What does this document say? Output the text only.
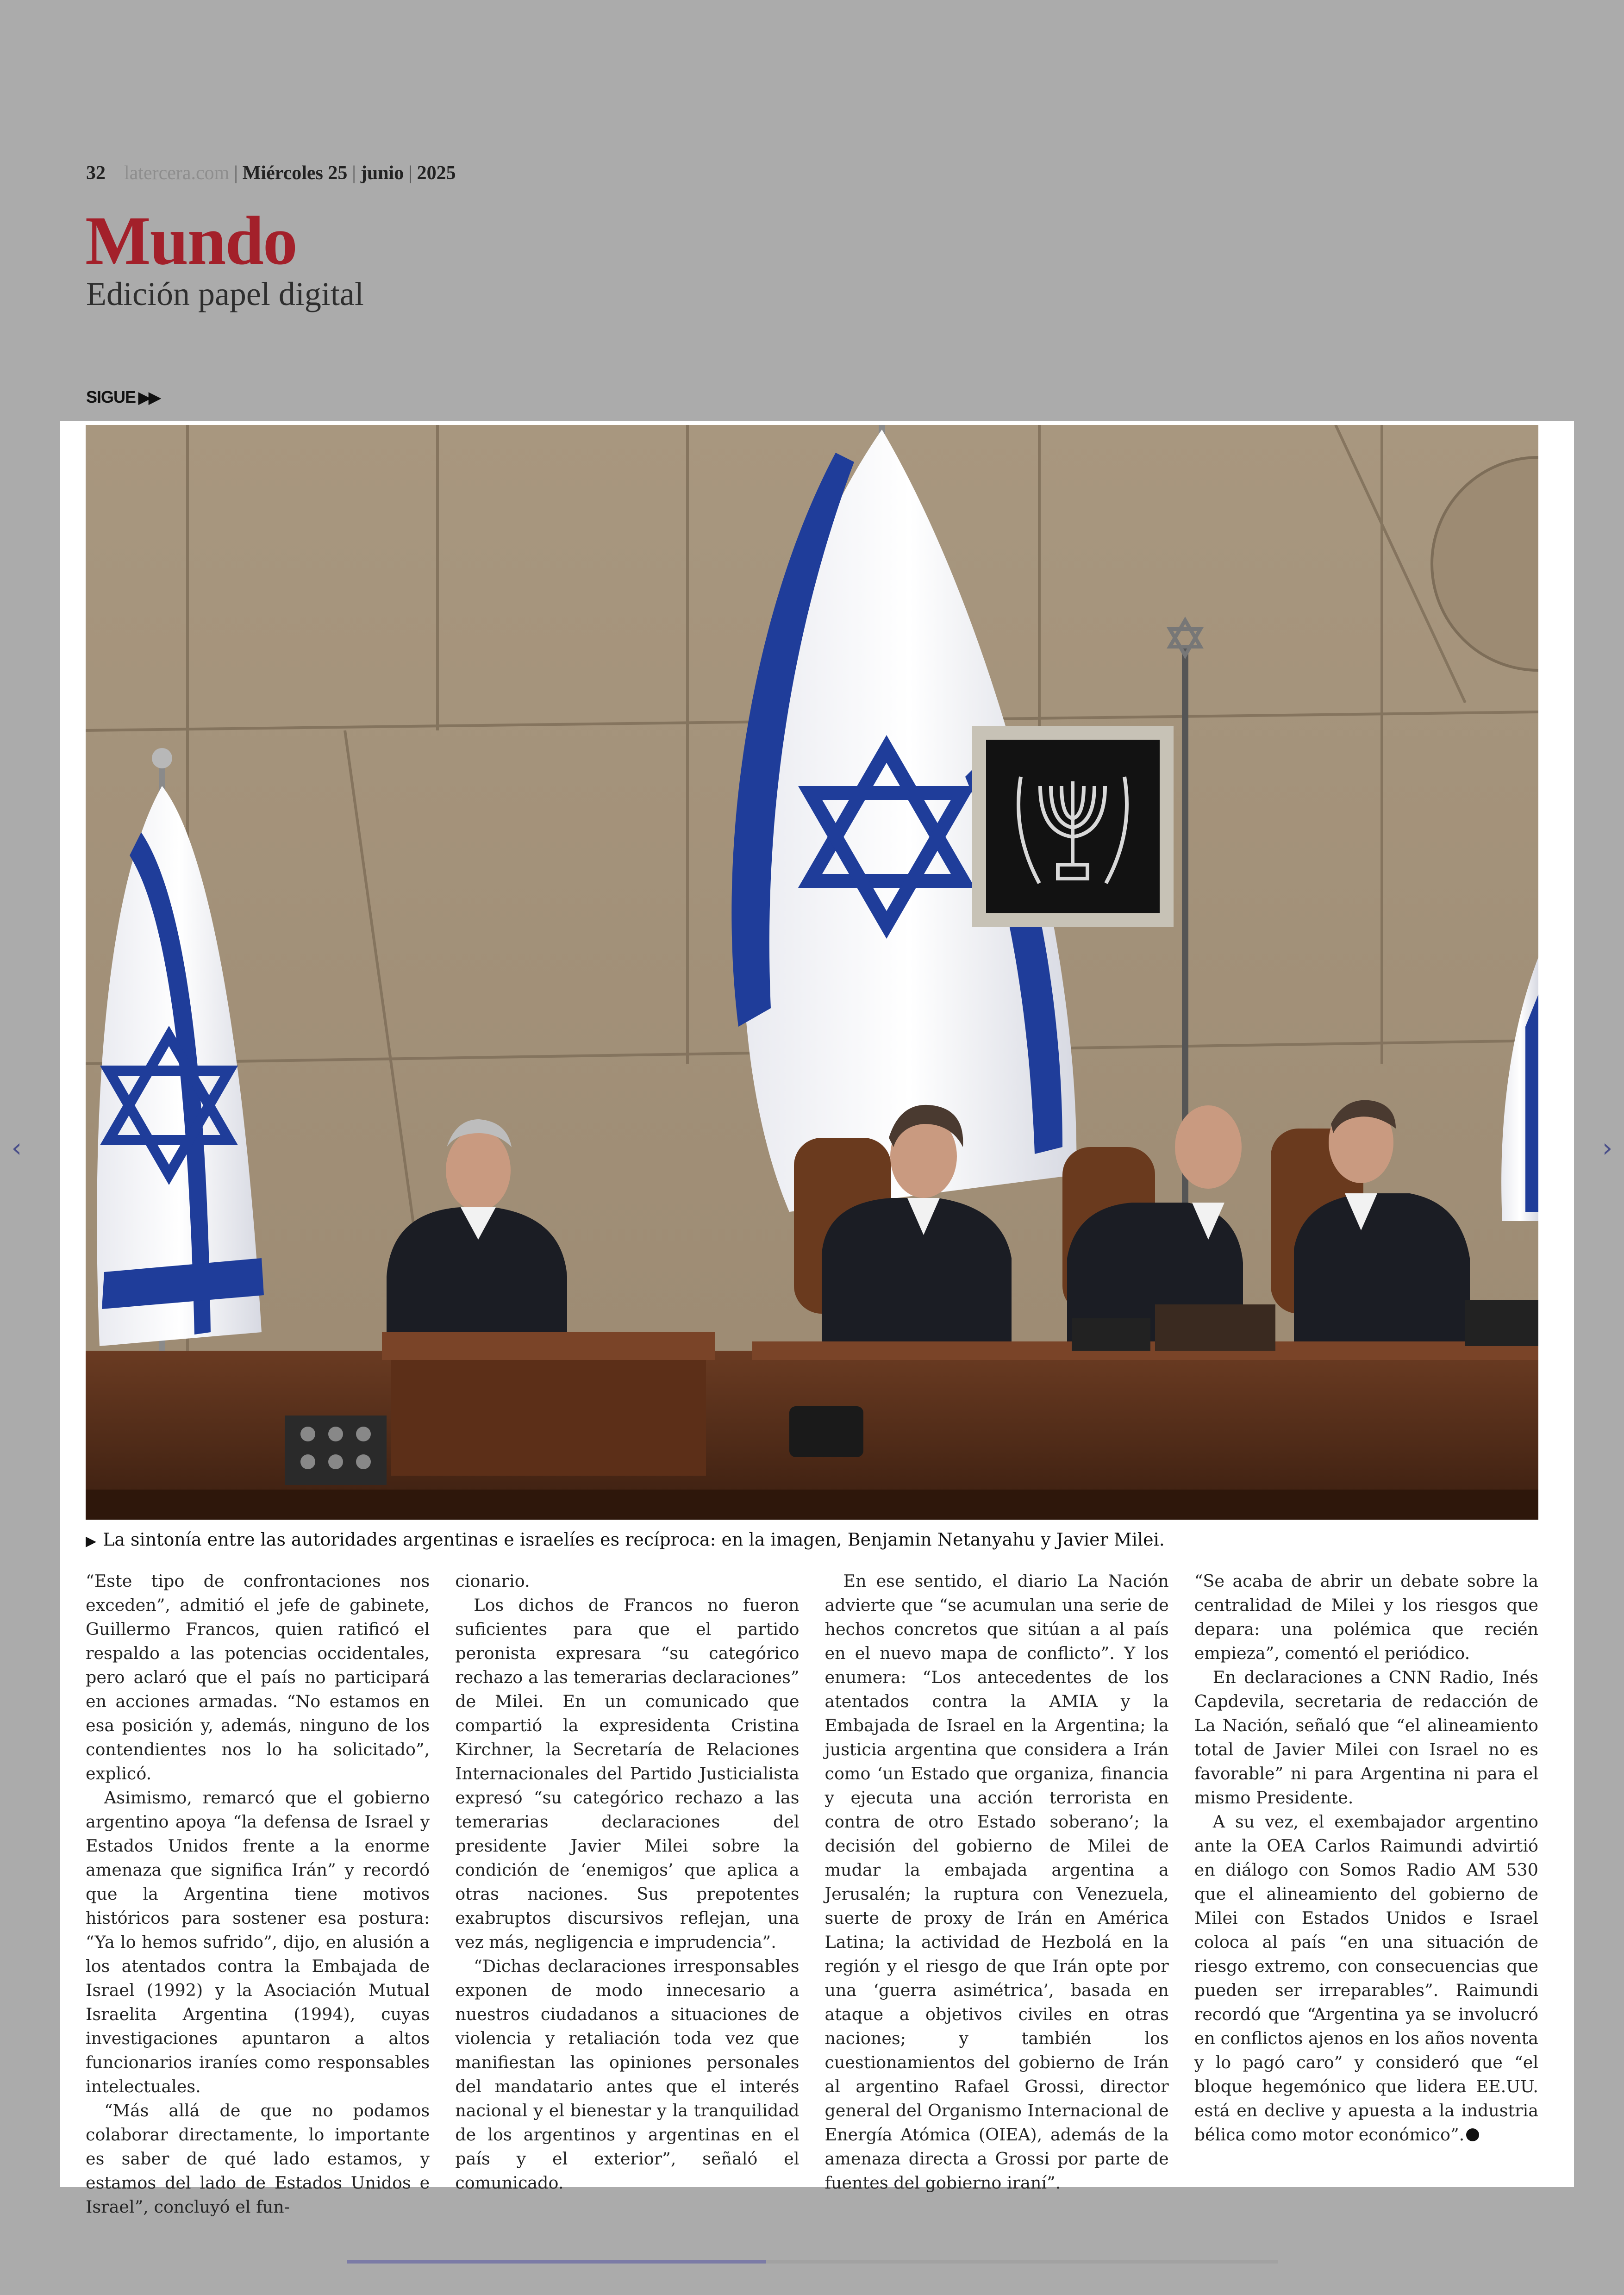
32 latercera.com | Miércoles 25 | junio | 2025
Mundo
Edición papel digital
SIGUE ▶▶
▶ La sintonía entre las autoridades argentinas e israelíes es recíproca: en la imagen, Benjamin Netanyahu y Javier Milei.

“Este tipo de confrontaciones nos exceden”, admitió el jefe de gabinete, Guillermo Francos, quien ratificó el respaldo a las potencias occidentales, pero aclaró que el país no participará en acciones armadas. “No estamos en esa posición y, además, ninguno de los contendientes nos lo ha solicitado”, explicó.

Asimismo, remarcó que el gobierno argentino apoya “la defensa de Israel y Estados Unidos frente a la enorme amenaza que significa Irán” y recordó que la Argentina tiene motivos históricos para sostener esa postura: “Ya lo hemos sufrido”, dijo, en alusión a los atentados contra la Embajada de Israel (1992) y la Asociación Mutual Israelita Argentina (1994), cuyas investigaciones apuntaron a altos funcionarios iraníes como responsables intelectuales.

“Más allá de que no podamos colaborar directamente, lo importante es saber de qué lado estamos, y estamos del lado de Estados Unidos e Israel”, concluyó el fun-

cionario.

Los dichos de Francos no fueron suficientes para que el partido peronista expresara “su categórico rechazo a las temerarias declaraciones” de Milei. En un comunicado que compartió la expresidenta Cristina Kirchner, la Secretaría de Relaciones Internacionales del Partido Justicialista expresó “su categórico rechazo a las temerarias declaraciones del presidente Javier Milei sobre la condición de ‘enemigos’ que aplica a otras naciones. Sus prepotentes exabruptos discursivos reflejan, una vez más, negligencia e imprudencia”.

“Dichas declaraciones irresponsables exponen de modo innecesario a nuestros ciudadanos a situaciones de violencia y retaliación toda vez que manifiestan las opiniones personales del mandatario antes que el interés nacional y el bienestar y la tranquilidad de los argentinos y argentinas en el país y el exterior”, señaló el comunicado.

En ese sentido, el diario La Nación advierte que “se acumulan una serie de hechos concretos que sitúan a al país en el nuevo mapa de conflicto”. Y los enumera: “Los antecedentes de los atentados contra la AMIA y la Embajada de Israel en la Argentina; la justicia argentina que considera a Irán como ‘un Estado que organiza, financia y ejecuta una acción terrorista en contra de otro Estado soberano’; la decisión del gobierno de Milei de mudar la embajada argentina a Jerusalén; la ruptura con Venezuela, suerte de proxy de Irán en América Latina; la actividad de Hezbolá en la región y el riesgo de que Irán opte por una ‘guerra asimétrica’, basada en ataque a objetivos civiles en otras naciones; y también los cuestionamientos del gobierno de Irán al argentino Rafael Grossi, director general del Organismo Internacional de Energía Atómica (OIEA), además de la amenaza directa a Grossi por parte de fuentes del gobierno iraní”.

“Se acaba de abrir un debate sobre la centralidad de Milei y los riesgos que depara: una polémica que recién empieza”, comentó el periódico.

En declaraciones a CNN Radio, Inés Capdevila, secretaria de redacción de La Nación, señaló que “el alineamiento total de Javier Milei con Israel no es favorable” ni para Argentina ni para el mismo Presidente.

A su vez, el exembajador argentino ante la OEA Carlos Raimundi advirtió en diálogo con Somos Radio AM 530 que el alineamiento del gobierno de Milei con Estados Unidos e Israel coloca al país “en una situación de riesgo extremo, con consecuencias que pueden ser irreparables”. Raimundi recordó que “Argentina ya se involucró en conflictos ajenos en los años noventa y lo pagó caro” y consideró que “el bloque hegemónico que lidera EE.UU. está en declive y apuesta a la industria bélica como motor económico”.

‹	›
